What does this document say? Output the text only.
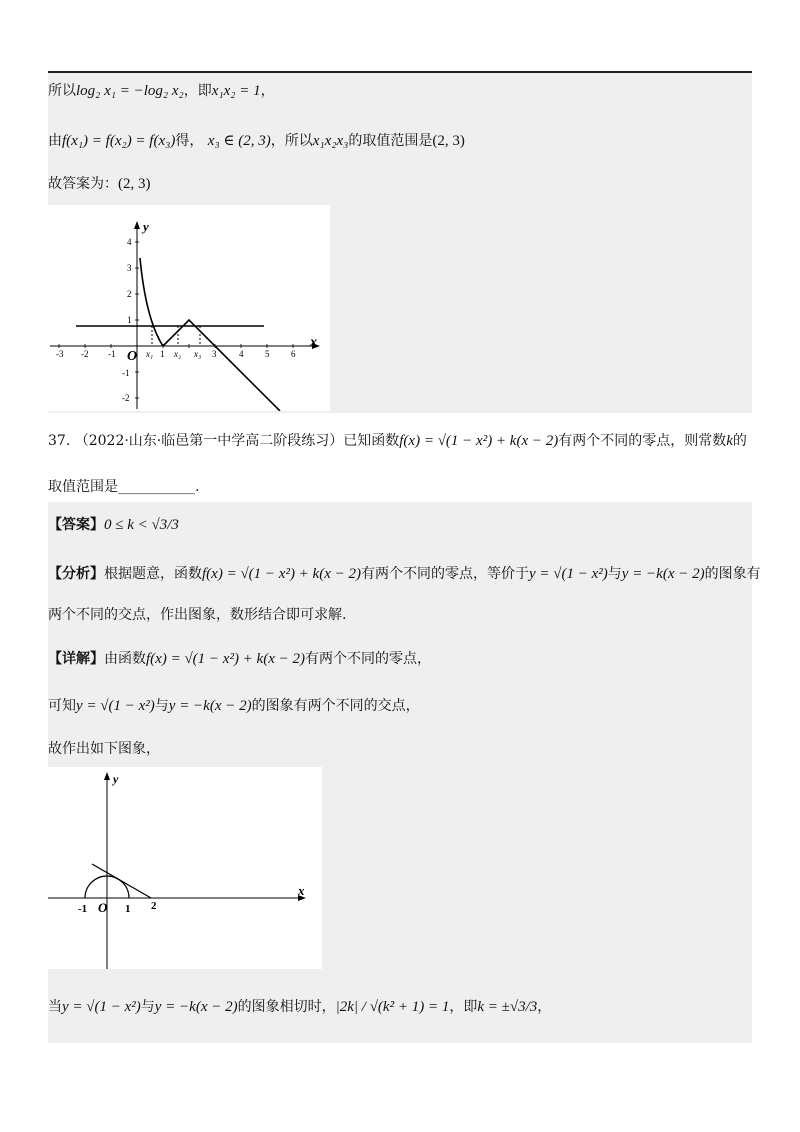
所以log₂ x₁ = −log₂ x₂，即x₁x₂ = 1，
由f(x₁) = f(x₂) = f(x₃)得， x₃ ∈ (2, 3)，所以x₁x₂x₃的取值范围是(2, 3)
故答案为：(2, 3)
y
x
O
-3 -2 -1	1	3	4 5 6
4
3
2
1
-1
-2
x₁ x₂ x₃
37. （2022·山东·临邑第一中学高二阶段练习）已知函数f(x) = √(1 − x²) + k(x − 2)有两个不同的零点，则常数k的
取值范围是___________.
【答案】0 ≤ k < √3/3
【分析】根据题意，函数f(x) = √(1 − x²) + k(x − 2)有两个不同的零点，等价于y = √(1 − x²)与y = −k(x − 2)的图象有
两个不同的交点，作出图象，数形结合即可求解.
【详解】由函数f(x) = √(1 − x²) + k(x − 2)有两个不同的零点，
可知y = √(1 − x²)与y = −k(x − 2)的图象有两个不同的交点，
故作出如下图象，
y
x
O
-1	1 2
当y = √(1 − x²)与y = −k(x − 2)的图象相切时，|2k| / √(k² + 1) = 1，即k = ±√3/3，
